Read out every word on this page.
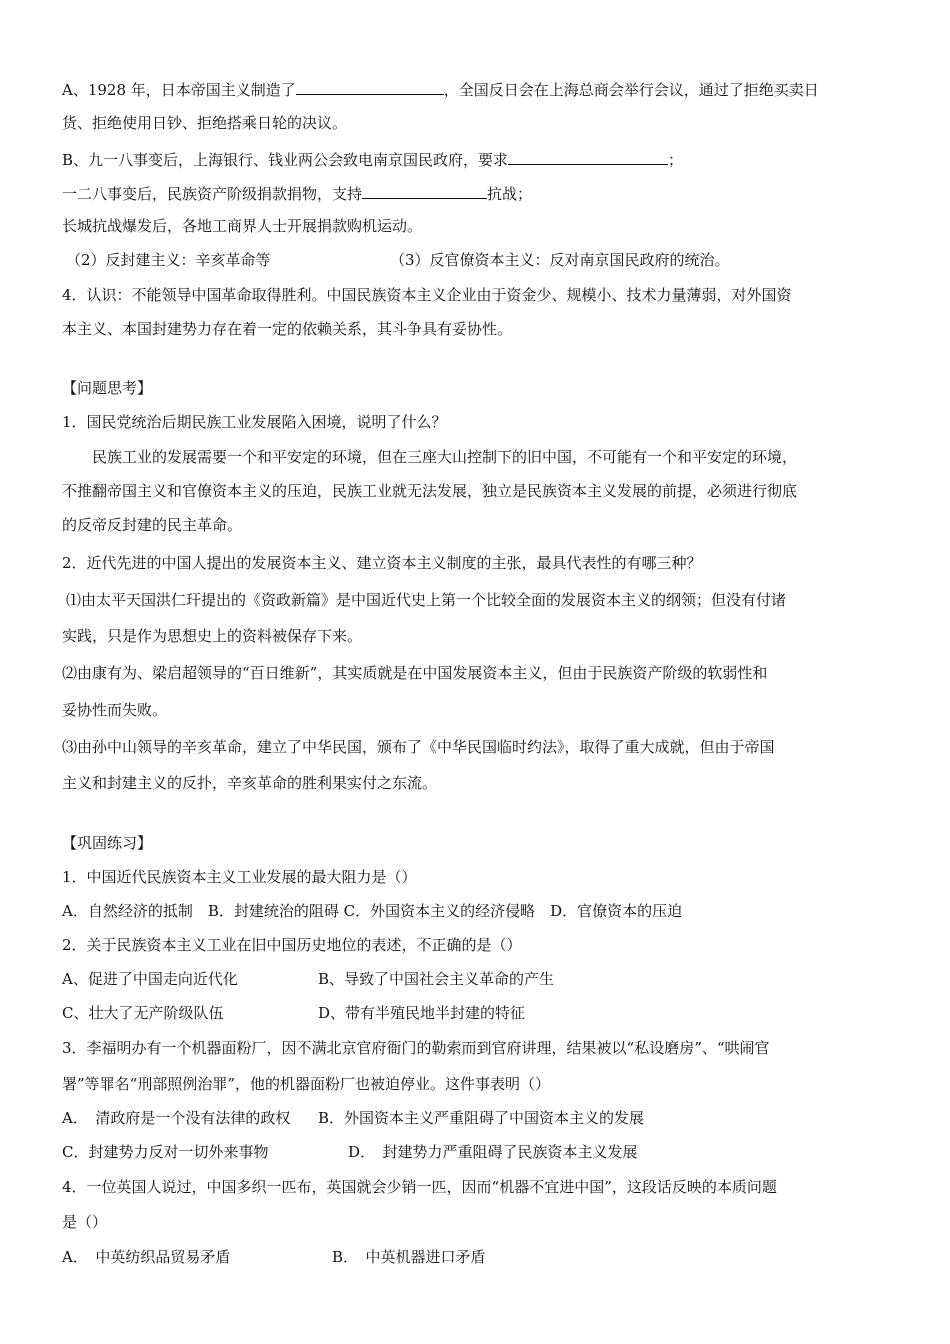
A、1928 年，日本帝国主义制造了	，全国反日会在上海总商会举行会议，通过了拒绝买卖日
货、拒绝使用日钞、拒绝搭乘日轮的决议。
B、九一八事变后，上海银行、钱业两公会致电南京国民政府，要求	；
一二八事变后，民族资产阶级捐款捐物，支持	抗战；
长城抗战爆发后，各地工商界人士开展捐款购机运动。
（2）反封建主义：辛亥革命等	（3）反官僚资本主义：反对南京国民政府的统治。
4．认识：不能领导中国革命取得胜利。中国民族资本主义企业由于资金少、规模小、技术力量薄弱，对外国资
本主义、本国封建势力存在着一定的依赖关系，其斗争具有妥协性。
【问题思考】
1．国民党统治后期民族工业发展陷入困境，说明了什么？
民族工业的发展需要一个和平安定的环境，但在三座大山控制下的旧中国，不可能有一个和平安定的环境，
不推翻帝国主义和官僚资本主义的压迫，民族工业就无法发展，独立是民族资本主义发展的前提，必须进行彻底
的反帝反封建的民主革命。
2．近代先进的中国人提出的发展资本主义、建立资本主义制度的主张，最具代表性的有哪三种？
⑴由太平天国洪仁玕提出的《资政新篇》是中国近代史上第一个比较全面的发展资本主义的纲领；但没有付诸
实践，只是作为思想史上的资料被保存下来。
⑵由康有为、梁启超领导的“百日维新”，其实质就是在中国发展资本主义，但由于民族资产阶级的软弱性和
妥协性而失败。
⑶由孙中山领导的辛亥革命，建立了中华民国，颁布了《中华民国临时约法》，取得了重大成就，但由于帝国
主义和封建主义的反扑，辛亥革命的胜利果实付之东流。
【巩固练习】
1．中国近代民族资本主义工业发展的最大阻力是（）
A．自然经济的抵制　B．封建统治的阻碍 C．外国资本主义的经济侵略　D．官僚资本的压迫
2．关于民族资本主义工业在旧中国历史地位的表述，不正确的是（）
A、促进了中国走向近代化	B、导致了中国社会主义革命的产生
C、壮大了无产阶级队伍	D、带有半殖民地半封建的特征
3．李福明办有一个机器面粉厂，因不满北京官府衙门的勒索而到官府讲理，结果被以“私设磨房”、“哄闹官
署”等罪名“刑部照例治罪”，他的机器面粉厂也被迫停业。这件事表明（）
A．　清政府是一个没有法律的政权 B．外国资本主义严重阻碍了中国资本主义的发展
C．封建势力反对一切外来事物	D．　封建势力严重阻碍了民族资本主义发展
4．一位英国人说过，中国多织一匹布，英国就会少销一匹，因而“机器不宜进中国”，这段话反映的本质问题
是（）
A．　中英纺织品贸易矛盾	B．　中英机器进口矛盾
